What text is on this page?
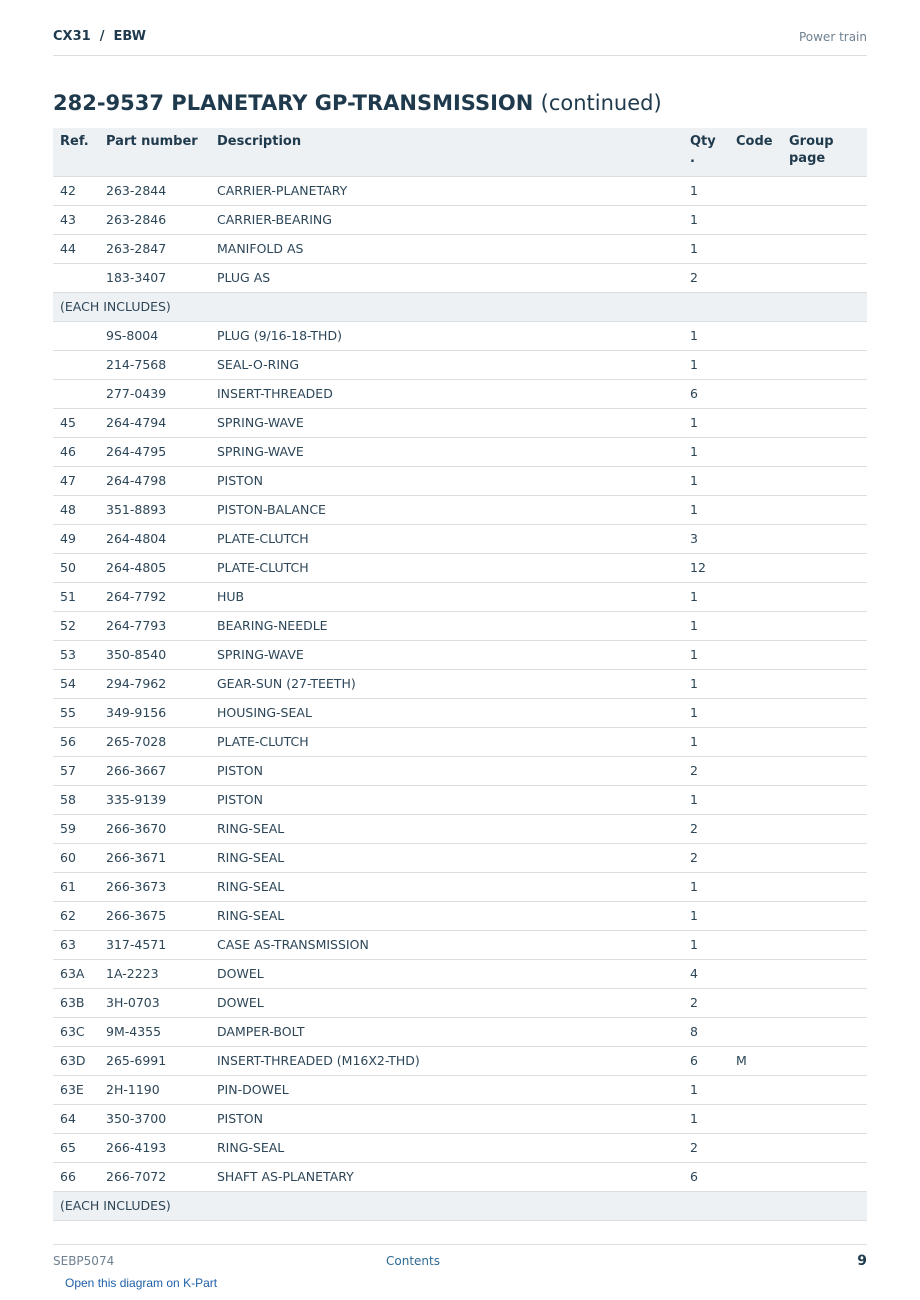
CX31  /  EBW	Power train
282-9537 PLANETARY GP-TRANSMISSION (continued)
Ref.	Part number	Description	Qty .	Code	Group page

42	263-2844	CARRIER-PLANETARY	1		
43	263-2846	CARRIER-BEARING	1		
44	263-2847	MANIFOLD AS	1		
	183-3407	PLUG AS	2		
(EACH INCLUDES)					
	9S-8004	PLUG (9/16-18-THD)	1		
	214-7568	SEAL-O-RING	1		
	277-0439	INSERT-THREADED	6		
45	264-4794	SPRING-WAVE	1		
46	264-4795	SPRING-WAVE	1		
47	264-4798	PISTON	1		
48	351-8893	PISTON-BALANCE	1		
49	264-4804	PLATE-CLUTCH	3		
50	264-4805	PLATE-CLUTCH	12		
51	264-7792	HUB	1		
52	264-7793	BEARING-NEEDLE	1		
53	350-8540	SPRING-WAVE	1		
54	294-7962	GEAR-SUN (27-TEETH)	1		
55	349-9156	HOUSING-SEAL	1		
56	265-7028	PLATE-CLUTCH	1		
57	266-3667	PISTON	2		
58	335-9139	PISTON	1		
59	266-3670	RING-SEAL	2		
60	266-3671	RING-SEAL	2		
61	266-3673	RING-SEAL	1		
62	266-3675	RING-SEAL	1		
63	317-4571	CASE AS-TRANSMISSION	1		
63A	1A-2223	DOWEL	4		
63B	3H-0703	DOWEL	2		
63C	9M-4355	DAMPER-BOLT	8		
63D	265-6991	INSERT-THREADED (M16X2-THD)	6	M	
63E	2H-1190	PIN-DOWEL	1		
64	350-3700	PISTON	1		
65	266-4193	RING-SEAL	2		
66	266-7072	SHAFT AS-PLANETARY	6		
(EACH INCLUDES)					
SEBP5074	Contents	9
Open this diagram on K-Part
